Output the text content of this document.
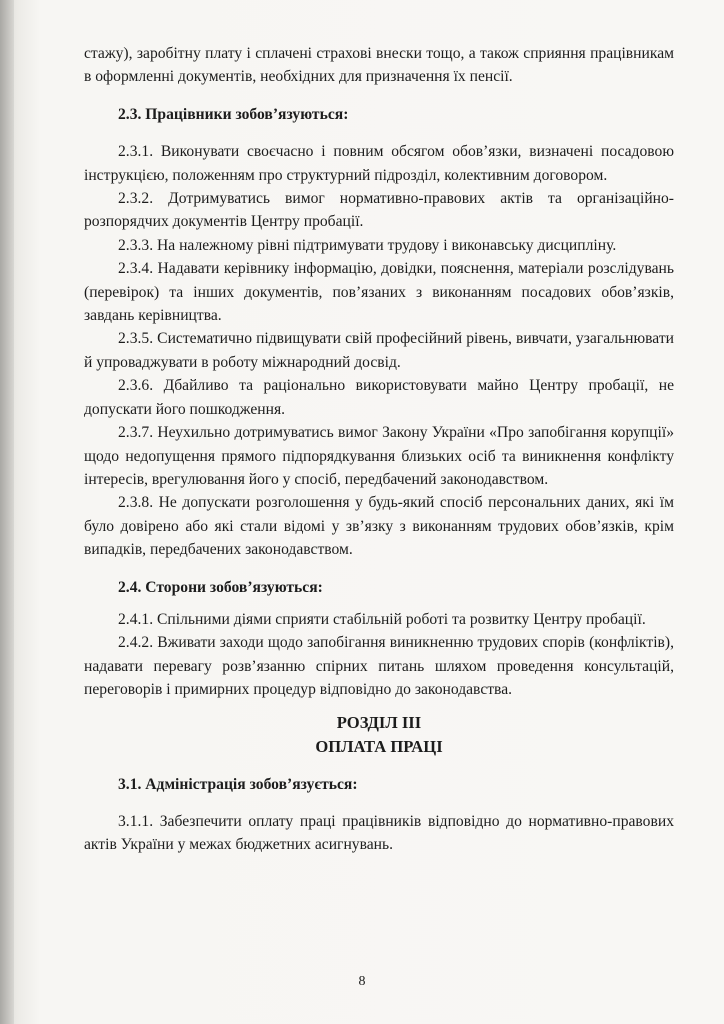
стажу), заробітну плату і сплачені страхові внески тощо, а також сприяння працівникам в оформленні документів, необхідних для призначення їх пенсії.

2.3. Працівники зобов’язуються:

2.3.1. Виконувати своєчасно і повним обсягом обов’язки, визначені посадовою інструкцією, положенням про структурний підрозділ, колективним договором.

2.3.2. Дотримуватись вимог нормативно-правових актів та організаційно-розпорядчих документів Центру пробації.

2.3.3. На належному рівні підтримувати трудову і виконавську дисципліну.

2.3.4. Надавати керівнику інформацію, довідки, пояснення, матеріали розслідувань (перевірок) та інших документів, пов’язаних з виконанням посадових обов’язків, завдань керівництва.

2.3.5. Систематично підвищувати свій професійний рівень, вивчати, узагальнювати й упроваджувати в роботу міжнародний досвід.

2.3.6. Дбайливо та раціонально використовувати майно Центру пробації, не допускати його пошкодження.

2.3.7. Неухильно дотримуватись вимог Закону України «Про запобігання корупції» щодо недопущення прямого підпорядкування близьких осіб та виникнення конфлікту інтересів, врегулювання його у спосіб, передбачений законодавством.

2.3.8. Не допускати розголошення у будь-який спосіб персональних даних, які їм було довірено або які стали відомі у зв’язку з виконанням трудових обов’язків, крім випадків, передбачених законодавством.

2.4. Сторони зобов’язуються:

2.4.1. Спільними діями сприяти стабільній роботі та розвитку Центру пробації.

2.4.2. Вживати заходи щодо запобігання виникненню трудових спорів (конфліктів), надавати перевагу розв’язанню спірних питань шляхом проведення консультацій, переговорів і примирних процедур відповідно до законодавства.

РОЗДІЛ ІІІ
ОПЛАТА ПРАЦІ

3.1. Адміністрація зобов’язується:

3.1.1. Забезпечити оплату праці працівників відповідно до нормативно-правових актів України у межах бюджетних асигнувань.

8
